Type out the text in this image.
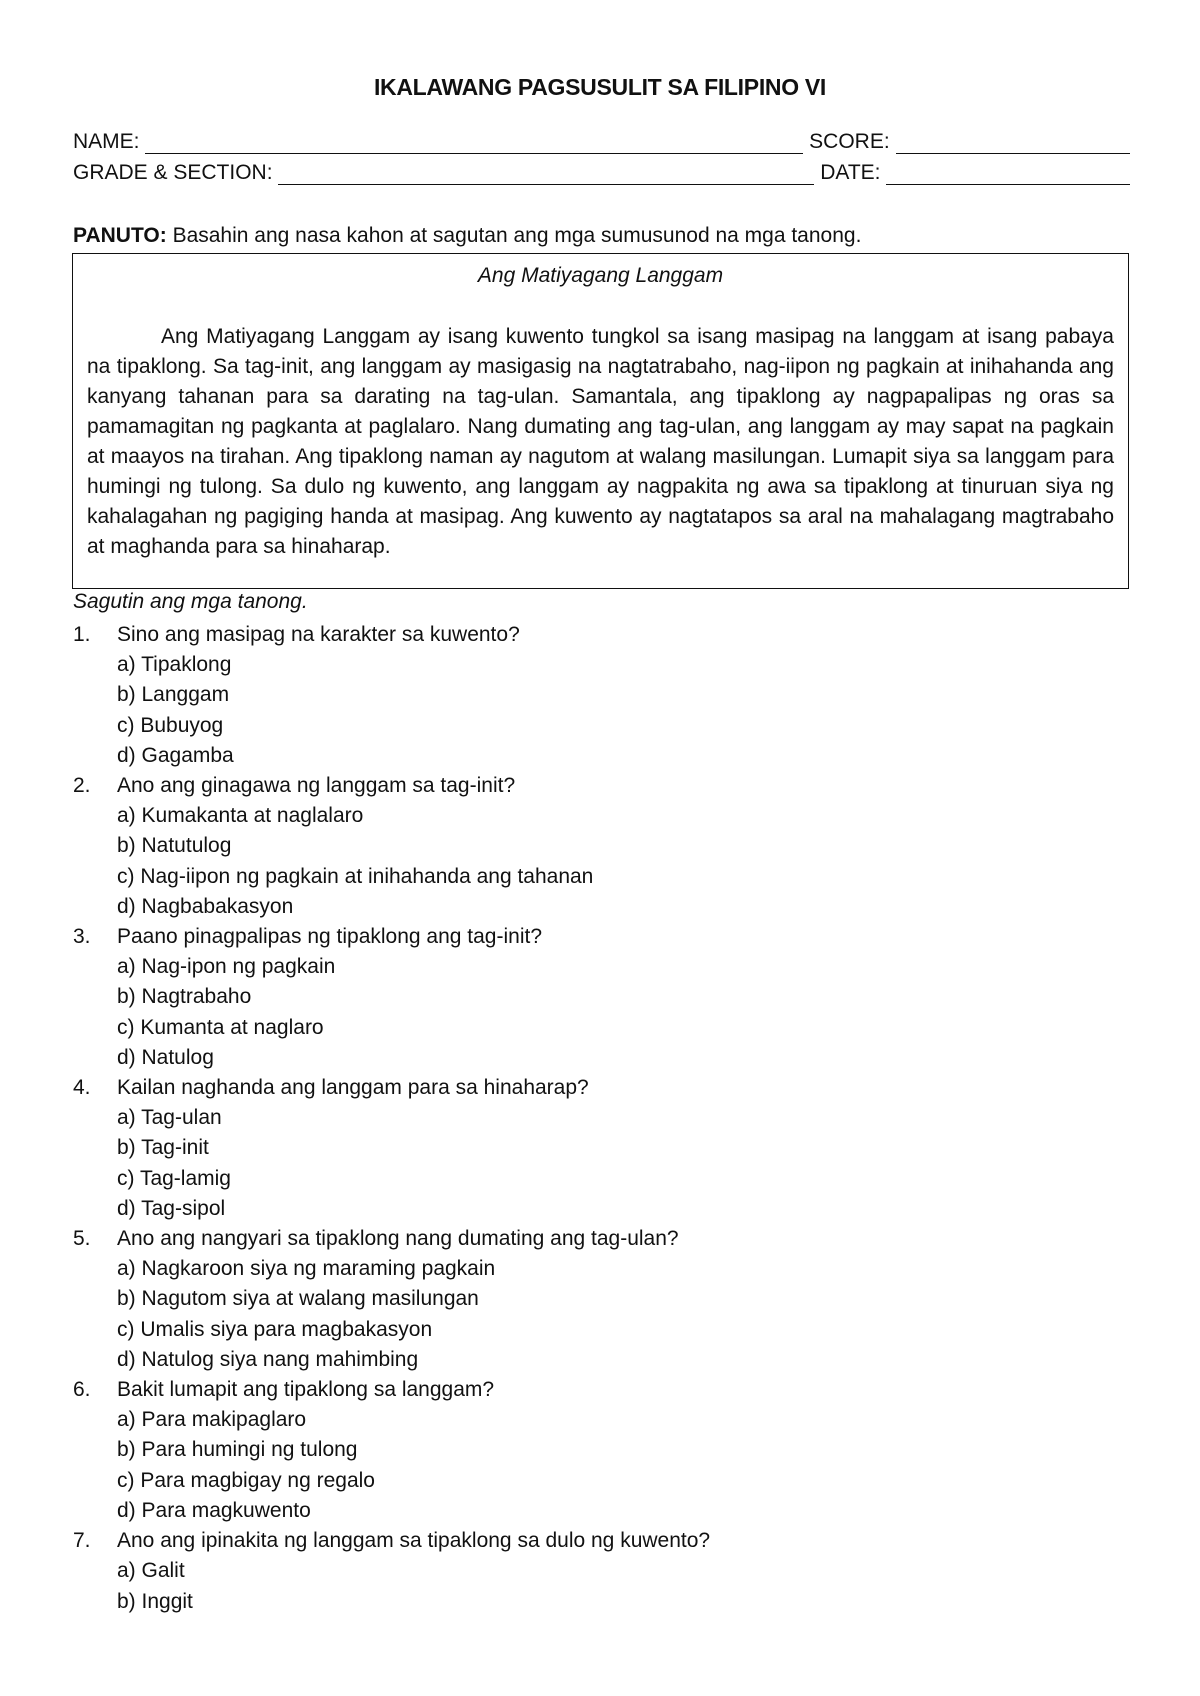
IKALAWANG PAGSUSULIT SA FILIPINO VI
NAME:	SCORE:
GRADE & SECTION:	DATE:
PANUTO: Basahin ang nasa kahon at sagutan ang mga sumusunod na mga tanong.
Ang Matiyagang Langgam

Ang Matiyagang Langgam ay isang kuwento tungkol sa isang masipag na langgam at isang pabaya na tipaklong. Sa tag-init, ang langgam ay masigasig na nagtatrabaho, nag-iipon ng pagkain at inihahanda ang kanyang tahanan para sa darating na tag-ulan. Samantala, ang tipaklong ay nagpapalipas ng oras sa pamamagitan ng pagkanta at paglalaro. Nang dumating ang tag-ulan, ang langgam ay may sapat na pagkain at maayos na tirahan. Ang tipaklong naman ay nagutom at walang masilungan. Lumapit siya sa langgam para humingi ng tulong. Sa dulo ng kuwento, ang langgam ay nagpakita ng awa sa tipaklong at tinuruan siya ng kahalagahan ng pagiging handa at masipag. Ang kuwento ay nagtatapos sa aral na mahalagang magtrabaho at maghanda para sa hinaharap.

Sagutin ang mga tanong.
1.	Sino ang masipag na karakter sa kuwento?
a) Tipaklong
b) Langgam
c) Bubuyog
d) Gagamba
2.	Ano ang ginagawa ng langgam sa tag-init?
a) Kumakanta at naglalaro
b) Natutulog
c) Nag-iipon ng pagkain at inihahanda ang tahanan
d) Nagbabakasyon
3.	Paano pinagpalipas ng tipaklong ang tag-init?
a) Nag-ipon ng pagkain
b) Nagtrabaho
c) Kumanta at naglaro
d) Natulog
4.	Kailan naghanda ang langgam para sa hinaharap?
a) Tag-ulan
b) Tag-init
c) Tag-lamig
d) Tag-sipol
5.	Ano ang nangyari sa tipaklong nang dumating ang tag-ulan?
a) Nagkaroon siya ng maraming pagkain
b) Nagutom siya at walang masilungan
c) Umalis siya para magbakasyon
d) Natulog siya nang mahimbing
6.	Bakit lumapit ang tipaklong sa langgam?
a) Para makipaglaro
b) Para humingi ng tulong
c) Para magbigay ng regalo
d) Para magkuwento
7.	Ano ang ipinakita ng langgam sa tipaklong sa dulo ng kuwento?
a) Galit
b) Inggit
